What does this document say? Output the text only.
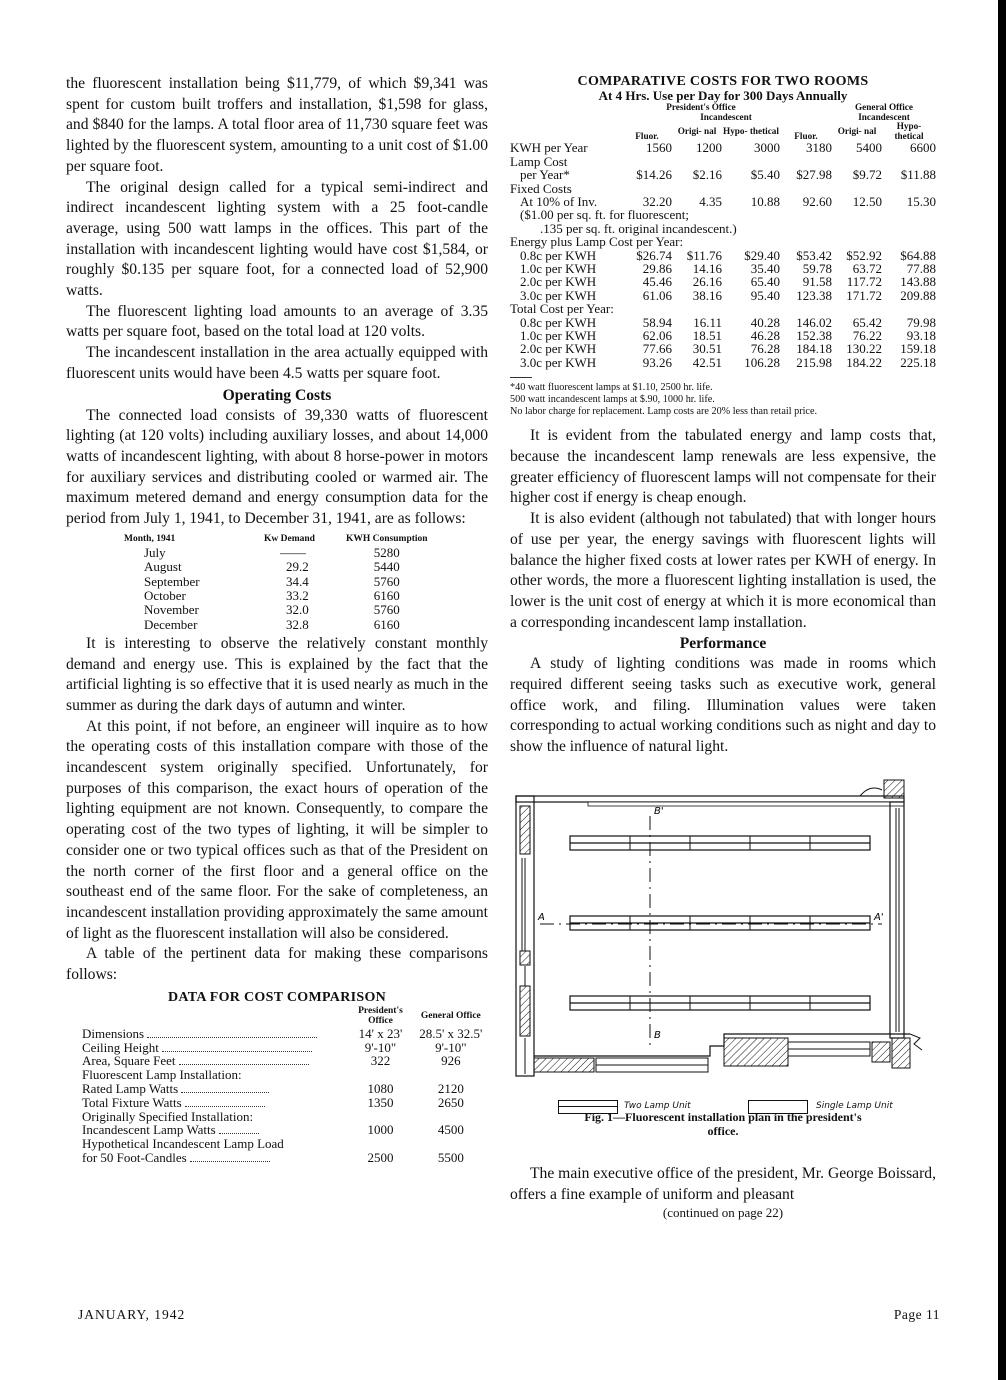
the fluorescent installation being $11,779, of which $9,341 was spent for custom built troffers and installation, $1,598 for glass, and $840 for the lamps. A total floor area of 11,730 square feet was lighted by the fluorescent system, amounting to a unit cost of $1.00 per square foot.

The original design called for a typical semi-indirect and indirect incandescent lighting system with a 25 foot-candle average, using 500 watt lamps in the offices. This part of the installation with incandescent lighting would have cost $1,584, or roughly $0.135 per square foot, for a connected load of 52,900 watts.

The fluorescent lighting load amounts to an average of 3.35 watts per square foot, based on the total load at 120 volts.

The incandescent installation in the area actually equipped with fluorescent units would have been 4.5 watts per square foot.

Operating Costs

The connected load consists of 39,330 watts of fluorescent lighting (at 120 volts) including auxiliary losses, and about 14,000 watts of incandescent lighting, with about 8 horse-power in motors for auxiliary services and distributing cooled or warmed air. The maximum metered demand and energy consumption data for the period from July 1, 1941, to December 31, 1941, are as follows:

Month, 1941	Kw Demand	KWH Consumption
July	——	5280
August	29.2	5440
September	34.4	5760
October	33.2	6160
November	32.0	5760
December	32.8	6160

It is interesting to observe the relatively constant monthly demand and energy use. This is explained by the fact that the artificial lighting is so effective that it is used nearly as much in the summer as during the dark days of autumn and winter.

At this point, if not before, an engineer will inquire as to how the operating costs of this installation compare with those of the incandescent system originally specified. Unfortunately, for purposes of this comparison, the exact hours of operation of the lighting equipment are not known. Consequently, to compare the operating cost of the two types of lighting, it will be simpler to consider one or two typical offices such as that of the President on the north corner of the first floor and a general office on the southeast end of the same floor. For the sake of completeness, an incandescent installation providing approximately the same amount of light as the fluorescent installation will also be considered.

A table of the pertinent data for making these comparisons follows:

DATA FOR COST COMPARISON
	President's Office	General Office
Dimensions	14' x 23'	28.5' x 32.5'
Ceiling Height	9'-10"	9'-10"
Area, Square Feet	322	926
Fluorescent Lamp Installation:		
Rated Lamp Watts	1080	2120
Total Fixture Watts	1350	2650
Originally Specified Installation:		
Incandescent Lamp Watts	1000	4500
Hypothetical Incandescent Lamp Load		
for 50 Foot-Candles	2500	5500
COMPARATIVE COSTS FOR TWO ROOMS
At 4 Hrs. Use per Day for 300 Days Annually
	President's Office				General Office	
		Incandescent			Incandescent	
	Fluor.	Origi- nal	Hypo- thetical	Fluor.	Origi- nal	Hypo- thetical
KWH per Year	1560	1200	3000	3180	5400	6600
Lamp Cost						
per Year*	$14.26	$2.16	$5.40	$27.98	$9.72	$11.88
Fixed Costs						
At 10% of Inv.	32.20	4.35	10.88	92.60	12.50	15.30
($1.00 per sq. ft. for fluorescent;						
.135 per sq. ft. original incandescent.)						
Energy plus Lamp Cost per Year:						
0.8c per KWH	$26.74	$11.76	$29.40	$53.42	$52.92	$64.88
1.0c per KWH	29.86	14.16	35.40	59.78	63.72	77.88
2.0c per KWH	45.46	26.16	65.40	91.58	117.72	143.88
3.0c per KWH	61.06	38.16	95.40	123.38	171.72	209.88
Total Cost per Year:						
0.8c per KWH	58.94	16.11	40.28	146.02	65.42	79.98
1.0c per KWH	62.06	18.51	46.28	152.38	76.22	93.18
2.0c per KWH	77.66	30.51	76.28	184.18	130.22	159.18
3.0c per KWH	93.26	42.51	106.28	215.98	184.22	225.18

*40 watt fluorescent lamps at $1.10, 2500 hr. life.

500 watt incandescent lamps at $.90, 1000 hr. life.

No labor charge for replacement. Lamp costs are 20% less than retail price.

It is evident from the tabulated energy and lamp costs that, because the incandescent lamp renewals are less expensive, the greater efficiency of fluorescent lamps will not compensate for their higher cost if energy is cheap enough.

It is also evident (although not tabulated) that with longer hours of use per year, the energy savings with fluorescent lights will balance the higher fixed costs at lower rates per KWH of energy. In other words, the more a fluorescent lighting installation is used, the lower is the unit cost of energy at which it is more economical than a corresponding incandescent lamp installation.

Performance

A study of lighting conditions was made in rooms which required different seeing tasks such as executive work, general office work, and filing. Illumination values were taken corresponding to actual working conditions such as night and day to show the influence of natural light.

B'
B
A	A'
Two Lamp Unit	Single Lamp Unit
Fig. 1—Fluorescent installation plan in the president's office.

The main executive office of the president, Mr. George Boissard, offers a fine example of uniform and pleasant

(continued on page 22)
JANUARY, 1942	Page 11
